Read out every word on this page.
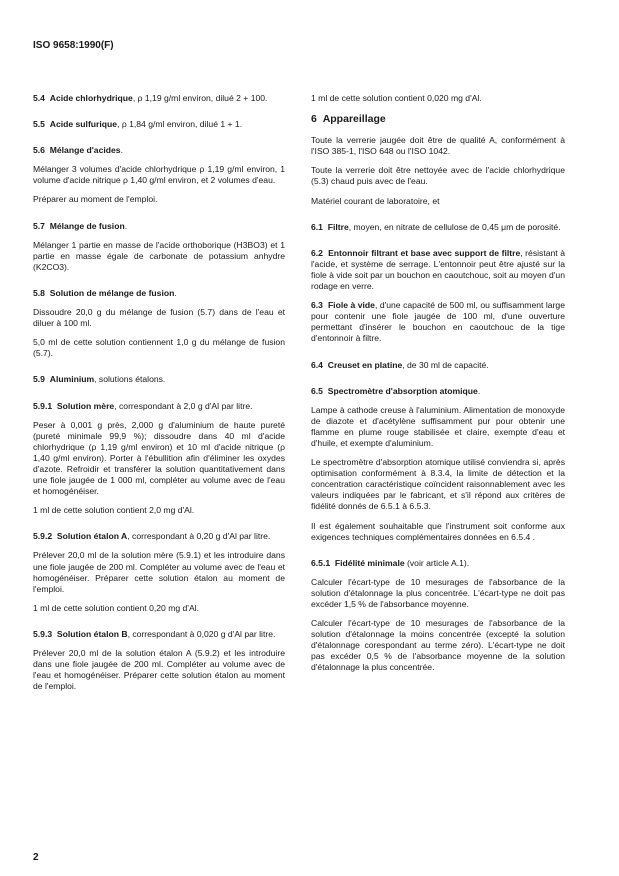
ISO 9658:1990(F)

5.4 Acide chlorhydrique, ρ 1,19 g/ml environ, dilué 2 + 100.

5.5 Acide sulfurique, ρ 1,84 g/ml environ, dilué 1 + 1.

5.6 Mélange d'acides.

Mélanger 3 volumes d'acide chlorhydrique ρ 1,19 g/ml environ, 1 volume d'acide nitrique ρ 1,40 g/ml environ, et 2 volumes d'eau.

Préparer au moment de l'emploi.

5.7 Mélange de fusion.

Mélanger 1 partie en masse de l'acide orthoborique (H3BO3) et 1 partie en masse égale de carbonate de potassium anhydre (K2CO3).

5.8 Solution de mélange de fusion.

Dissoudre 20,0 g du mélange de fusion (5.7) dans de l'eau et diluer à 100 ml.

5,0 ml de cette solution contiennent 1,0 g du mélange de fusion (5.7).

5.9 Aluminium, solutions étalons.

5.9.1 Solution mère, correspondant à 2,0 g d'Al par litre.

Peser à 0,001 g près, 2,000 g d'aluminium de haute pureté (pureté minimale 99,9 %); dissoudre dans 40 ml d'acide chlorhydrique (ρ 1,19 g/ml environ) et 10 ml d'acide nitrique (ρ 1,40 g/ml environ). Porter à l'ébullition afin d'éliminer les oxydes d'azote. Refroidir et transférer la solution quantitativement dans une fiole jaugée de 1 000 ml, compléter au volume avec de l'eau et homogénéiser.

1 ml de cette solution contient 2,0 mg d'Al.

5.9.2 Solution étalon A, correspondant à 0,20 g d'Al par litre.

Prélever 20,0 ml de la solution mère (5.9.1) et les introduire dans une fiole jaugée de 200 ml. Compléter au volume avec de l'eau et homogénéiser. Préparer cette solution étalon au moment de l'emploi.

1 ml de cette solution contient 0,20 mg d'Al.

5.9.3 Solution étalon B, correspondant à 0,020 g d'Al par litre.

Prélever 20,0 ml de la solution étalon A (5.9.2) et les introduire dans une fiole jaugée de 200 ml. Compléter au volume avec de l'eau et homogénéiser. Préparer cette solution étalon au moment de l'emploi.

1 ml de cette solution contient 0,020 mg d'Al.

6 Appareillage

Toute la verrerie jaugée doit être de qualité A, conformément à l'ISO 385-1, l'ISO 648 ou l'ISO 1042.

Toute la verrerie doit être nettoyée avec de l'acide chlorhydrique (5.3) chaud puis avec de l'eau.

Matériel courant de laboratoire, et

6.1 Filtre, moyen, en nitrate de cellulose de 0,45 μm de porosité.

6.2 Entonnoir filtrant et base avec support de filtre, résistant à l'acide, et système de serrage. L'entonnoir peut être ajusté sur la fiole à vide soit par un bouchon en caoutchouc, soit au moyen d'un rodage en verre.

6.3 Fiole à vide, d'une capacité de 500 ml, ou suffisamment large pour contenir une fiole jaugée de 100 ml, d'une ouverture permettant d'insérer le bouchon en caoutchouc de la tige d'entonnoir à filtre.

6.4 Creuset en platine, de 30 ml de capacité.

6.5 Spectromètre d'absorption atomique.

Lampe à cathode creuse à l'aluminium. Alimentation de monoxyde de diazote et d'acétylène suffisamment pur pour obtenir une flamme en plume rouge stabilisée et claire, exempte d'eau et d'huile, et exempte d'aluminium.

Le spectromètre d'absorption atomique utilisé conviendra si, après optimisation conformément à 8.3.4, la limite de détection et la concentration caractéristique coïncident raisonnablement avec les valeurs indiquées par le fabricant, et s'il répond aux critères de fidélité donnés de 6.5.1 à 6.5.3.

Il est également souhaitable que l'instrument soit conforme aux exigences techniques complémentaires données en 6.5.4 .

6.5.1 Fidélité minimale (voir article A.1).

Calculer l'écart-type de 10 mesurages de l'absorbance de la solution d'étalonnage la plus concentrée. L'écart-type ne doit pas excéder 1,5 % de l'absorbance moyenne.

Calculer l'écart-type de 10 mesurages de l'absorbance de la solution d'étalonnage la moins concentrée (excepté la solution d'étalonnage corespondant au terme zéro). L'écart-type ne doit pas excéder 0,5 % de l'absorbance moyenne de la solution d'étalonnage la plus concentrée.

2
